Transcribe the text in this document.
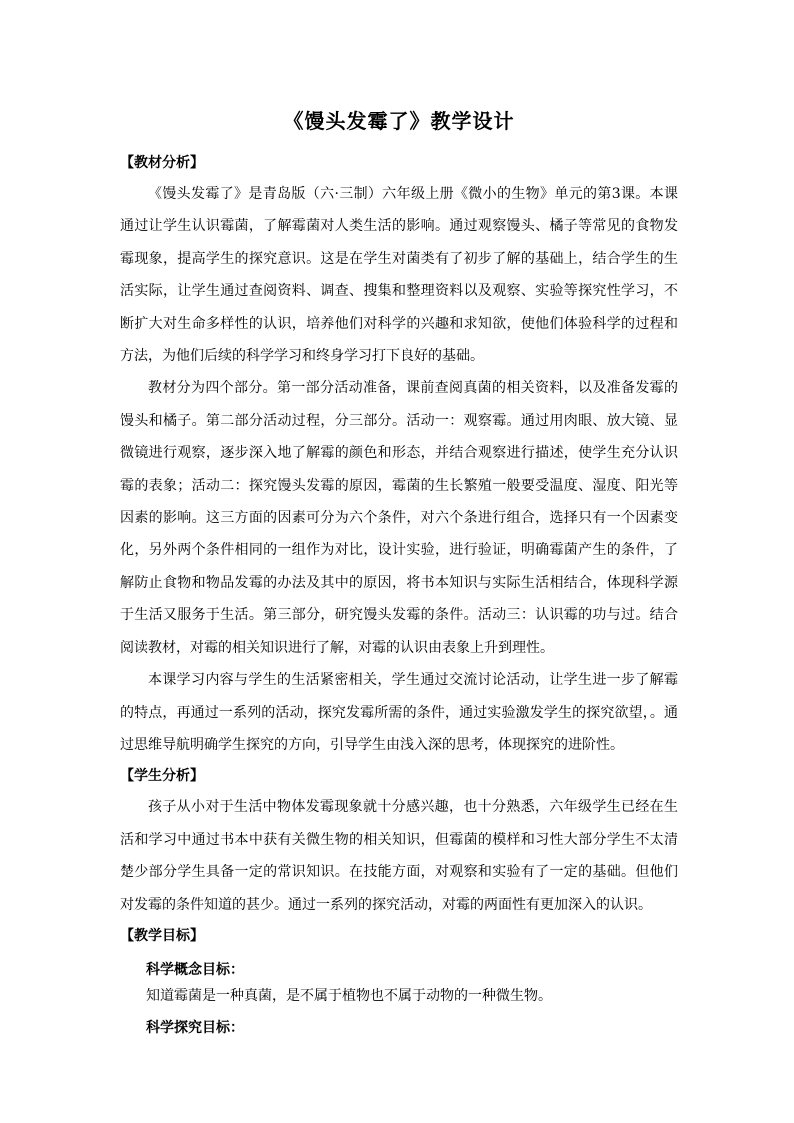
《馒头发霉了》教学设计

【教材分析】

《馒头发霉了》是青岛版（六·三制）六年级上册《微小的生物》单元的第3课。本课通过让学生认识霉菌，了解霉菌对人类生活的影响。通过观察馒头、橘子等常见的食物发霉现象，提高学生的探究意识。这是在学生对菌类有了初步了解的基础上，结合学生的生活实际，让学生通过查阅资料、调查、搜集和整理资料以及观察、实验等探究性学习，不断扩大对生命多样性的认识，培养他们对科学的兴趣和求知欲，使他们体验科学的过程和方法，为他们后续的科学学习和终身学习打下良好的基础。

教材分为四个部分。第一部分活动准备，课前查阅真菌的相关资料，以及准备发霉的馒头和橘子。第二部分活动过程，分三部分。活动一：观察霉。通过用肉眼、放大镜、显微镜进行观察，逐步深入地了解霉的颜色和形态，并结合观察进行描述，使学生充分认识霉的表象；活动二：探究馒头发霉的原因，霉菌的生长繁殖一般要受温度、湿度、阳光等因素的影响。这三方面的因素可分为六个条件，对六个条进行组合，选择只有一个因素变化，另外两个条件相同的一组作为对比，设计实验，进行验证，明确霉菌产生的条件，了解防止食物和物品发霉的办法及其中的原因，将书本知识与实际生活相结合，体现科学源于生活又服务于生活。第三部分，研究馒头发霉的条件。活动三：认识霉的功与过。结合阅读教材，对霉的相关知识进行了解，对霉的认识由表象上升到理性。

本课学习内容与学生的生活紧密相关，学生通过交流讨论活动，让学生进一步了解霉的特点，再通过一系列的活动，探究发霉所需的条件，通过实验激发学生的探究欲望，。通过思维导航明确学生探究的方向，引导学生由浅入深的思考，体现探究的进阶性。

【学生分析】

孩子从小对于生活中物体发霉现象就十分感兴趣，也十分熟悉，六年级学生已经在生活和学习中通过书本中获有关微生物的相关知识，但霉菌的模样和习性大部分学生不太清楚少部分学生具备一定的常识知识。在技能方面，对观察和实验有了一定的基础。但他们对发霉的条件知道的甚少。通过一系列的探究活动，对霉的两面性有更加深入的认识。

【教学目标】

科学概念目标：

知道霉菌是一种真菌，是不属于植物也不属于动物的一种微生物。

科学探究目标：
